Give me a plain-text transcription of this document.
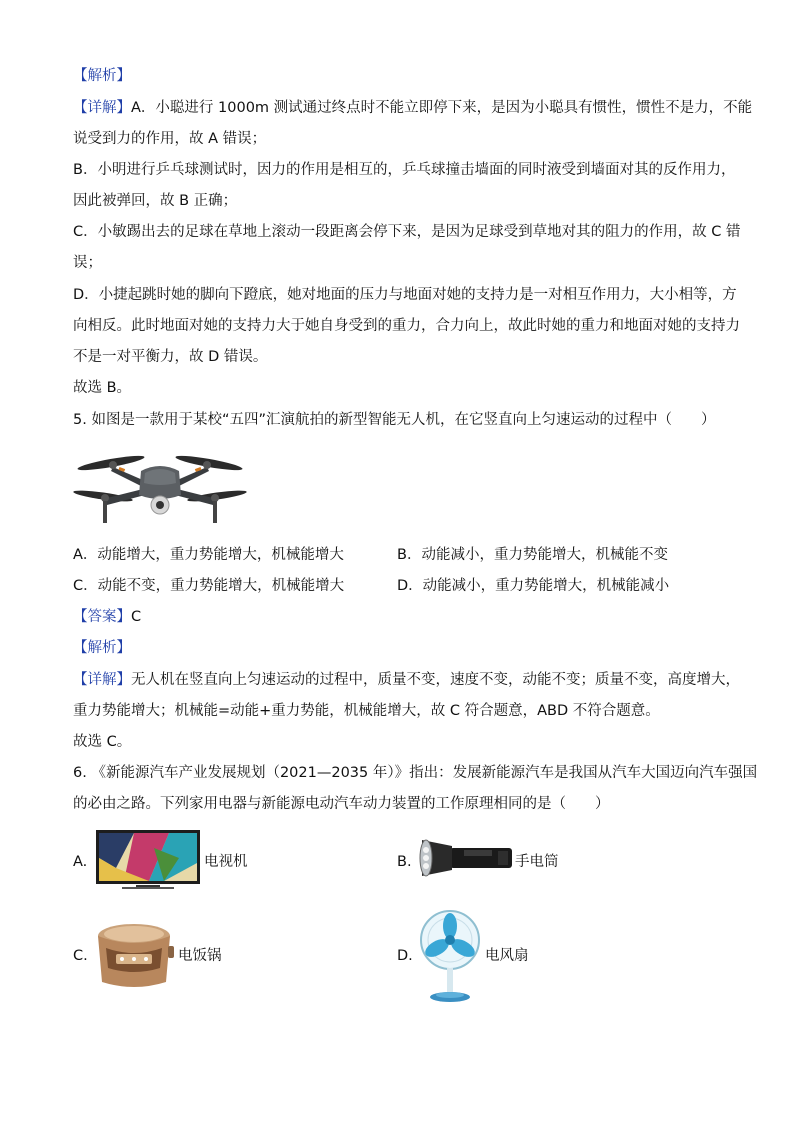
【解析】
【详解】A．小聪进行 1000m 测试通过终点时不能立即停下来，是因为小聪具有惯性，惯性不是力，不能
说受到力的作用，故 A 错误；
B．小明进行乒乓球测试时，因力的作用是相互的，乒乓球撞击墙面的同时液受到墙面对其的反作用力，
因此被弹回，故 B 正确；
C．小敏踢出去的足球在草地上滚动一段距离会停下来，是因为足球受到草地对其的阻力的作用，故 C 错
误；
D．小捷起跳时她的脚向下蹬底，她对地面的压力与地面对她的支持力是一对相互作用力，大小相等，方
向相反。此时地面对她的支持力大于她自身受到的重力，合力向上，故此时她的重力和地面对她的支持力
不是一对平衡力，故 D 错误。
故选 B。
5. 如图是一款用于某校“五四”汇演航拍的新型智能无人机，在它竖直向上匀速运动的过程中（　　）
A．动能增大，重力势能增大，机械能增大	B．动能减小，重力势能增大，机械能不变
C．动能不变，重力势能增大，机械能增大	D．动能减小，重力势能增大，机械能减小
【答案】C
【解析】
【详解】无人机在竖直向上匀速运动的过程中，质量不变，速度不变，动能不变；质量不变，高度增大，
重力势能增大；机械能=动能+重力势能，机械能增大，故 C 符合题意，ABD 不符合题意。
故选 C。
6. 《新能源汽车产业发展规划（2021—2035 年）》指出：发展新能源汽车是我国从汽车大国迈向汽车强国
的必由之路。下列家用电器与新能源电动汽车动力装置的工作原理相同的是（　　）
A.	电视机	B.	手电筒
C.	电饭锅	D.	电风扇
